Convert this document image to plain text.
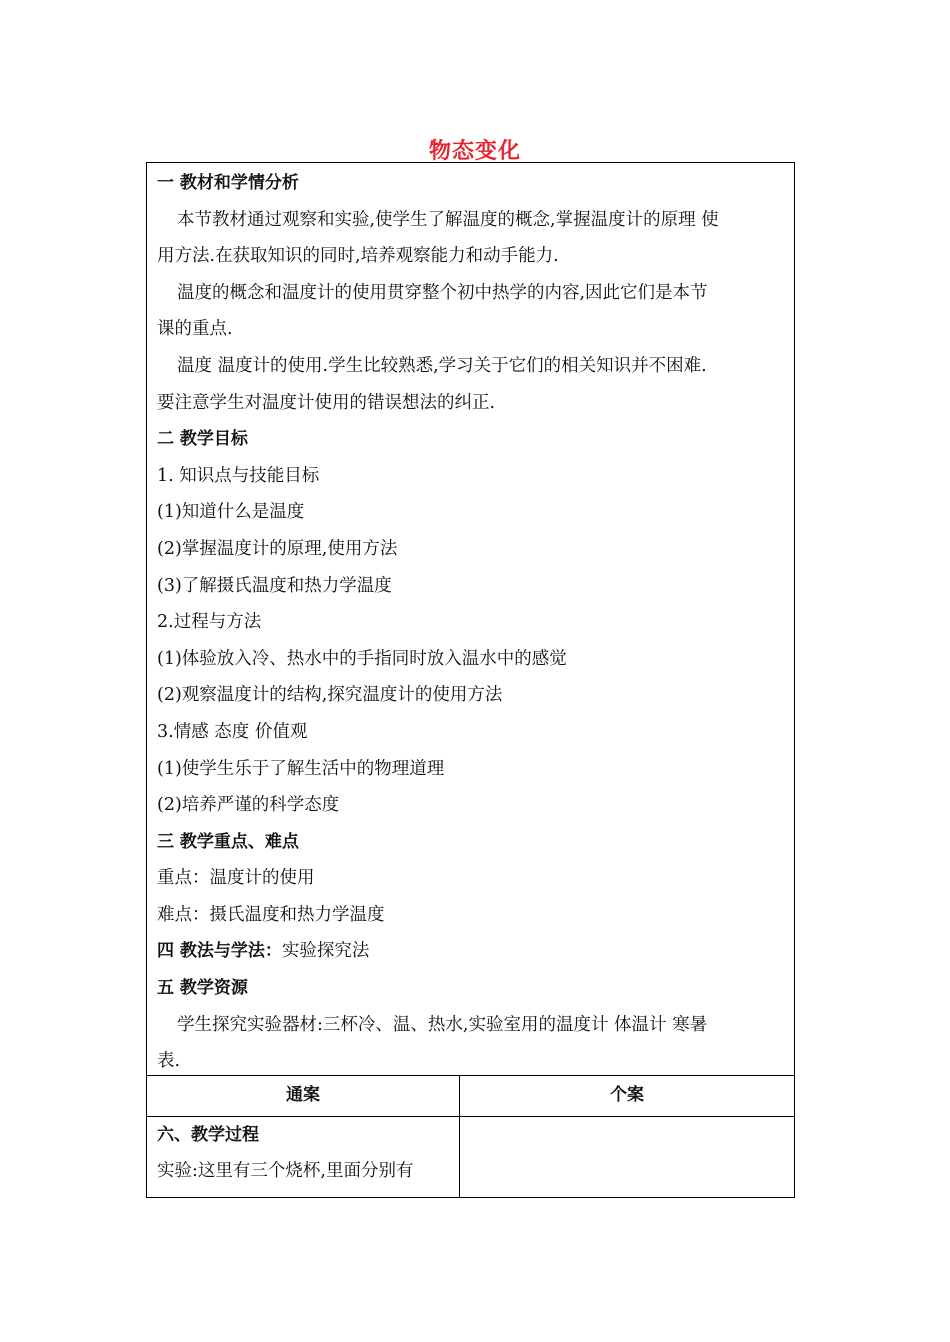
物态变化
一 教材和学情分析
本节教材通过观察和实验,使学生了解温度的概念,掌握温度计的原理 使
用方法.在获取知识的同时,培养观察能力和动手能力.
温度的概念和温度计的使用贯穿整个初中热学的内容,因此它们是本节
课的重点.
温度 温度计的使用.学生比较熟悉,学习关于它们的相关知识并不困难.
要注意学生对温度计使用的错误想法的纠正.
二 教学目标
1. 知识点与技能目标
(1)知道什么是温度
(2)掌握温度计的原理,使用方法
(3)了解摄氏温度和热力学温度
2.过程与方法
(1)体验放入冷、热水中的手指同时放入温水中的感觉
(2)观察温度计的结构,探究温度计的使用方法
3.情感 态度 价值观
(1)使学生乐于了解生活中的物理道理
(2)培养严谨的科学态度
三 教学重点、难点
重点：温度计的使用
难点：摄氏温度和热力学温度
四 教法与学法：实验探究法
五 教学资源
学生探究实验器材:三杯冷、温、热水,实验室用的温度计 体温计 寒暑
表.
通案
六、教学过程
实验:这里有三个烧杯,里面分别有
个案
